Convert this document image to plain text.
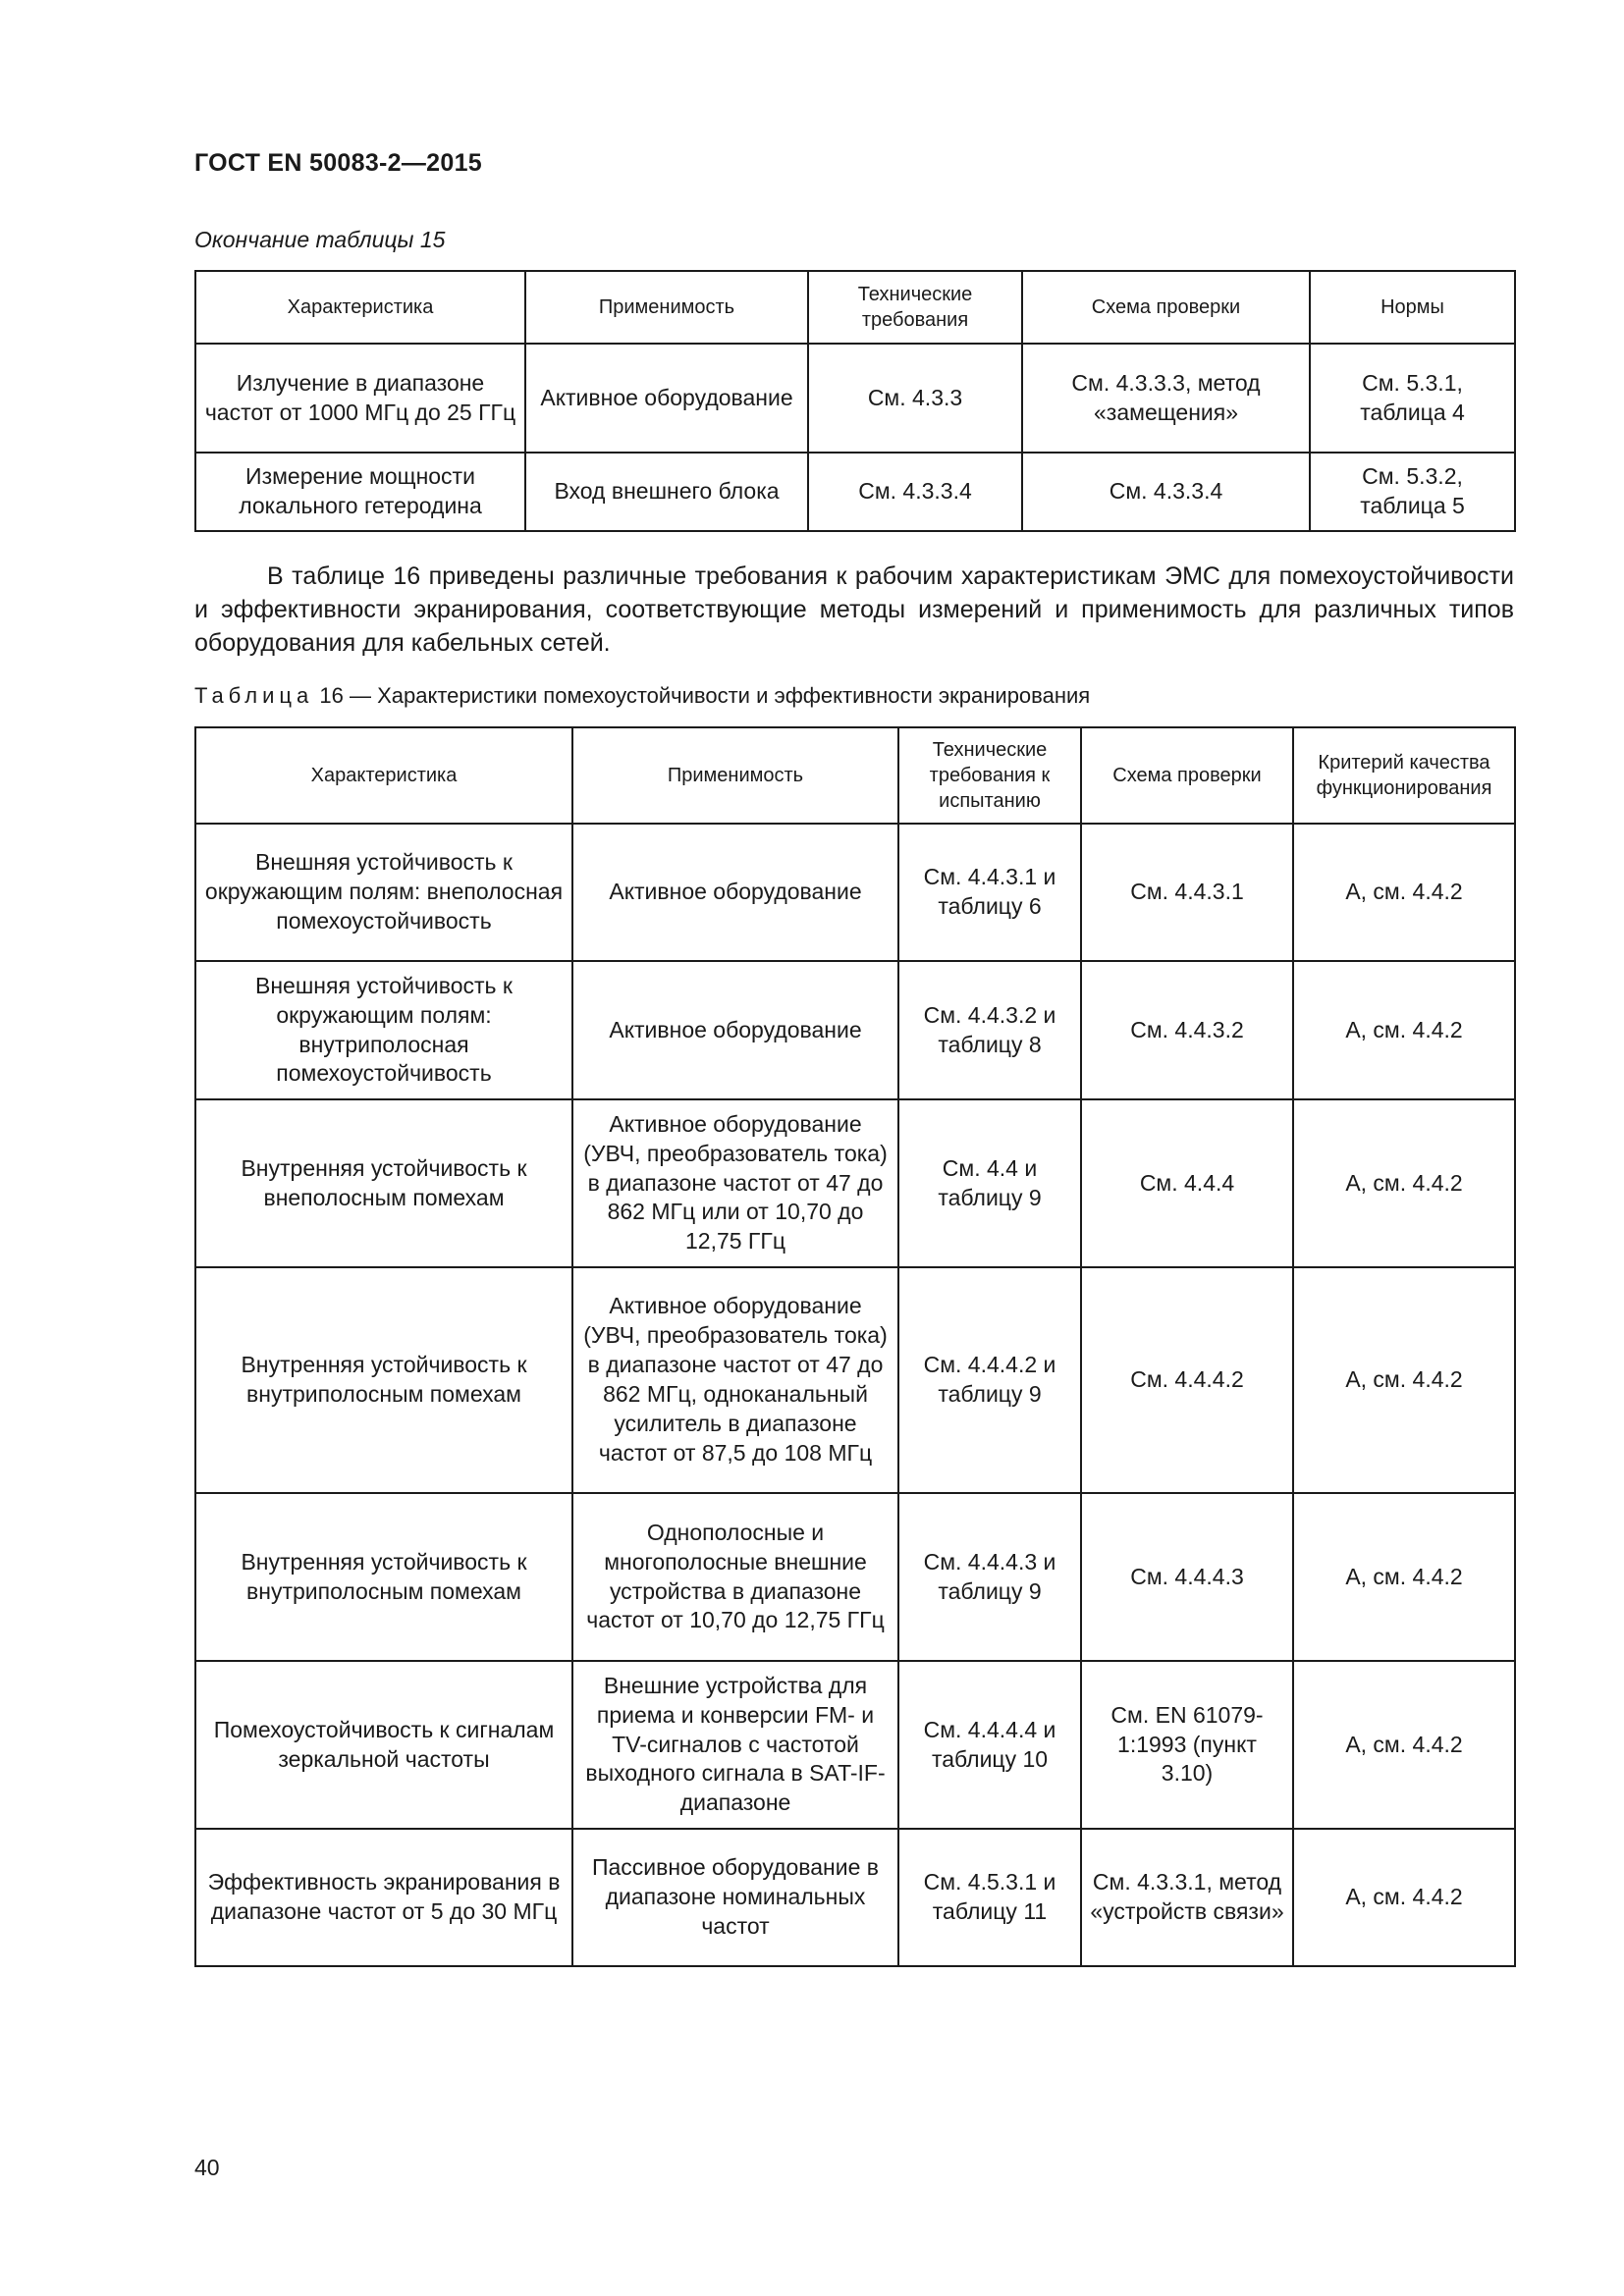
ГОСТ EN 50083-2—2015
Окончание таблицы 15
Характеристика	Применимость	Технические требования	Схема проверки	Нормы
Излучение в диапазоне частот от 1000 МГц до 25 ГГц	Активное оборудование	См. 4.3.3	См. 4.3.3.3, метод «замещения»	См. 5.3.1, таблица 4
Измерение мощности локального гетеродина	Вход внешнего блока	См. 4.3.3.4	См. 4.3.3.4	См. 5.3.2, таблица 5

В таблице 16 приведены различные требования к рабочим характеристикам ЭМС для помехоустойчивости и эффективности экранирования, соответствующие методы измерений и применимость для различных типов оборудования для кабельных сетей.

Таблица 16 — Характеристики помехоустойчивости и эффективности экранирования
Характеристика	Применимость	Технические требования к испытанию	Схема проверки	Критерий качества функционирования
Внешняя устойчивость к окружающим полям: внеполосная помехоустойчивость	Активное оборудование	См. 4.4.3.1 и таблицу 6	См. 4.4.3.1	А, см. 4.4.2
Внешняя устойчивость к окружающим полям: внутриполосная помехоустойчивость	Активное оборудование	См. 4.4.3.2 и таблицу 8	См. 4.4.3.2	А, см. 4.4.2
Внутренняя устойчивость к внеполосным помехам	Активное оборудование (УВЧ, преобразователь тока) в диапазоне частот от 47 до 862 МГц или от 10,70 до 12,75 ГГц	См. 4.4 и таблицу 9	См. 4.4.4	А, см. 4.4.2
Внутренняя устойчивость к внутриполосным помехам	Активное оборудование (УВЧ, преобразователь тока) в диапазоне частот от 47 до 862 МГц, одноканальный усилитель в диапазоне частот от 87,5 до 108 МГц	См. 4.4.4.2 и таблицу 9	См. 4.4.4.2	А, см. 4.4.2
Внутренняя устойчивость к внутриполосным помехам	Однополосные и многополосные внешние устройства в диапазоне частот от 10,70 до 12,75 ГГц	См. 4.4.4.3 и таблицу 9	См. 4.4.4.3	А, см. 4.4.2
Помехоустойчивость к сигналам зеркальной частоты	Внешние устройства для приема и конверсии FM- и TV-сигналов с частотой выходного сигнала в SAT-IF-диапазоне	См. 4.4.4.4 и таблицу 10	См. EN 61079-1:1993 (пункт 3.10)	А, см. 4.4.2
Эффективность экранирования в диапазоне частот от 5 до 30 МГц	Пассивное оборудование в диапазоне номинальных частот	См. 4.5.3.1 и таблицу 11	См. 4.3.3.1, метод «устройств связи»	А, см. 4.4.2
40
